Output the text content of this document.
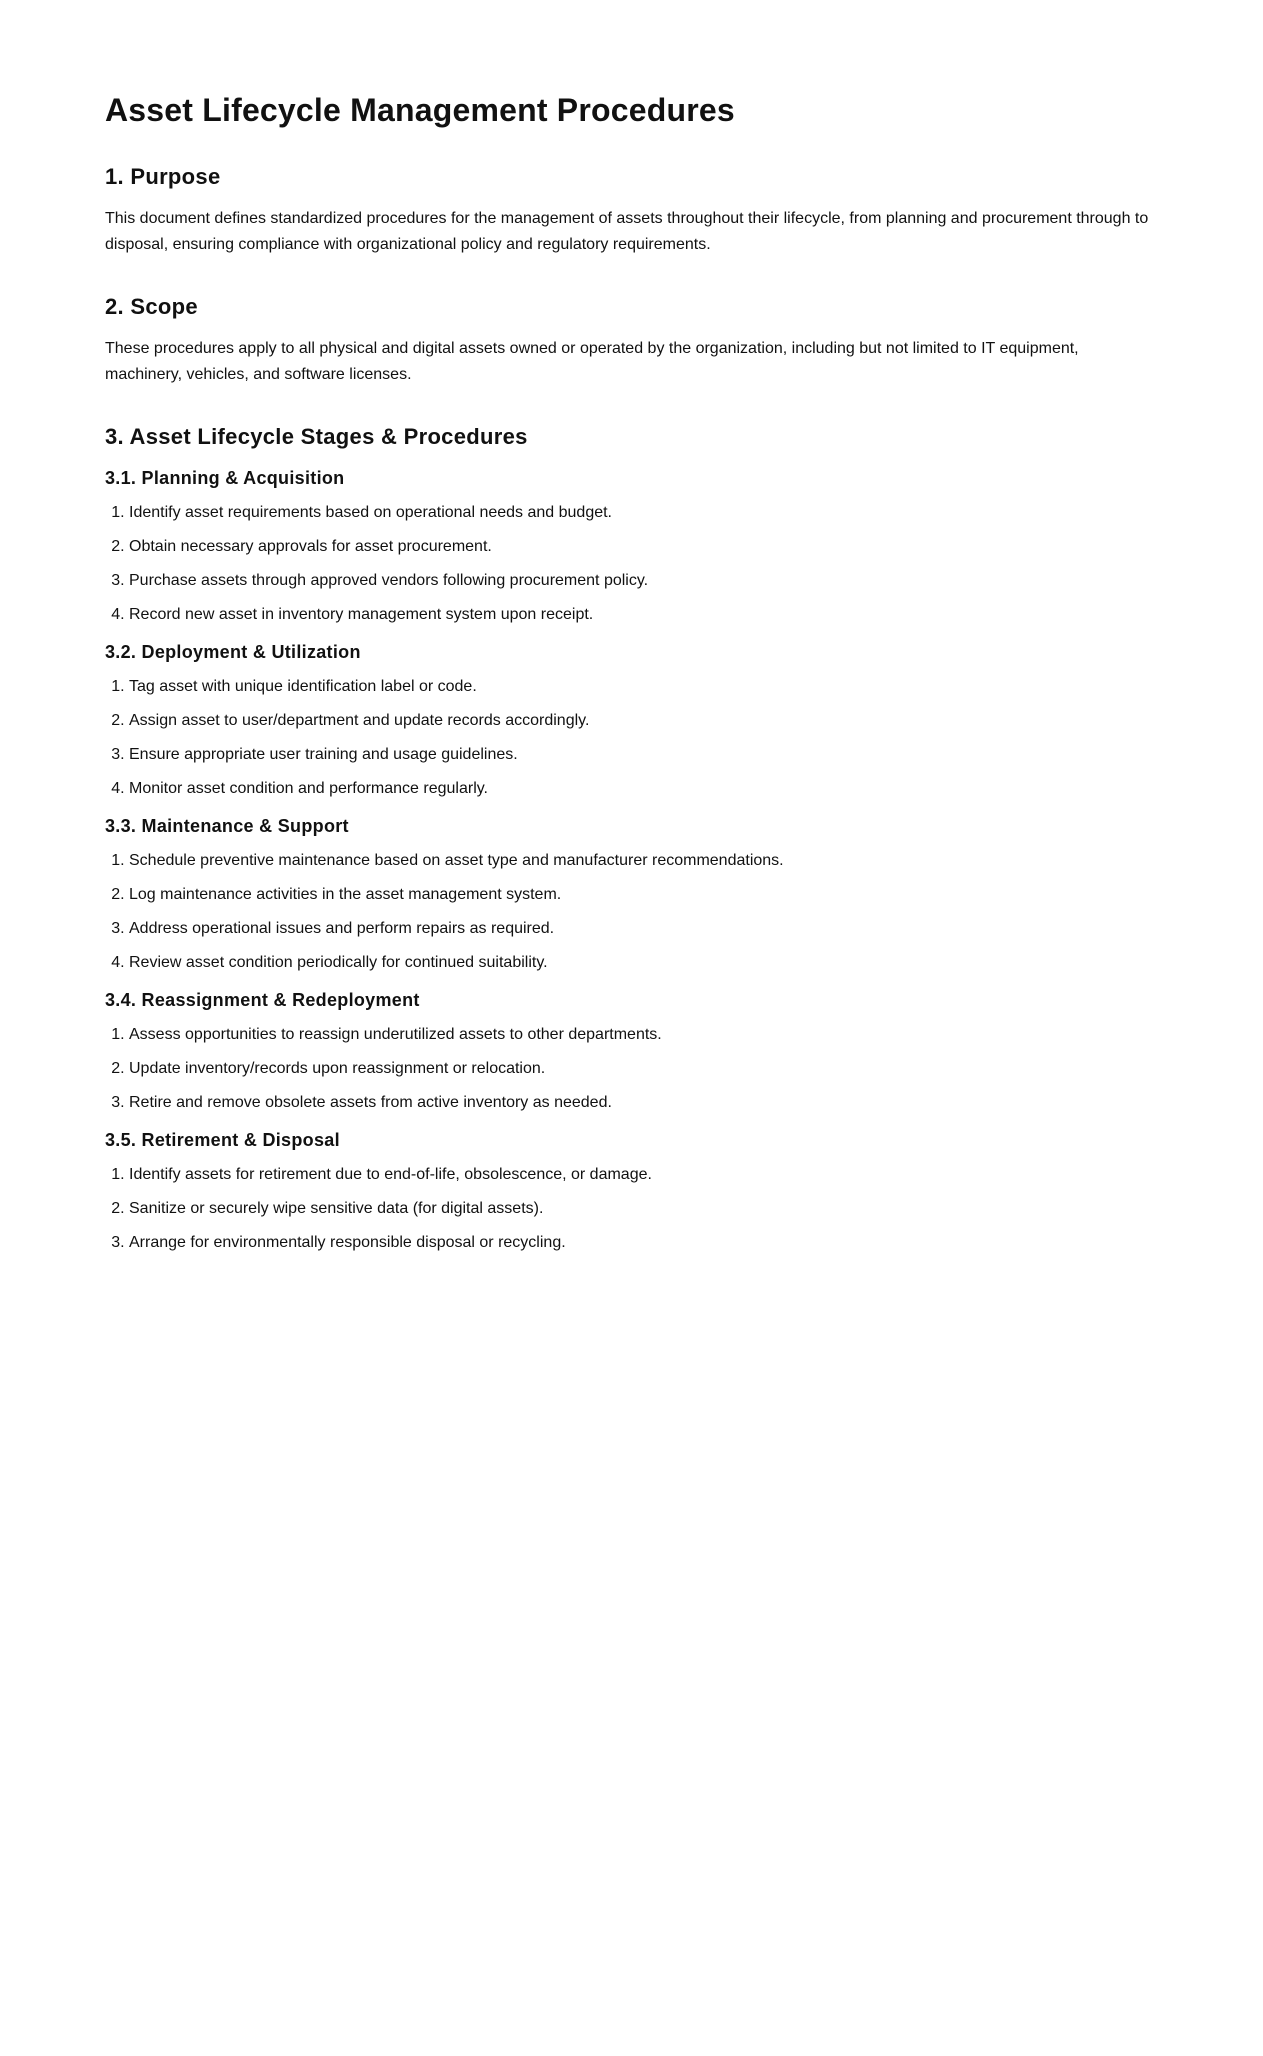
Asset Lifecycle Management Procedures
1. Purpose

This document defines standardized procedures for the management of assets throughout their lifecycle, from planning and procurement through to disposal, ensuring compliance with organizational policy and regulatory requirements.

2. Scope

These procedures apply to all physical and digital assets owned or operated by the organization, including but not limited to IT equipment, machinery, vehicles, and software licenses.

3. Asset Lifecycle Stages & Procedures
3.1. Planning & Acquisition
1. Identify asset requirements based on operational needs and budget.
2. Obtain necessary approvals for asset procurement.
3. Purchase assets through approved vendors following procurement policy.
4. Record new asset in inventory management system upon receipt.
3.2. Deployment & Utilization
1. Tag asset with unique identification label or code.
2. Assign asset to user/department and update records accordingly.
3. Ensure appropriate user training and usage guidelines.
4. Monitor asset condition and performance regularly.
3.3. Maintenance & Support
1. Schedule preventive maintenance based on asset type and manufacturer recommendations.
2. Log maintenance activities in the asset management system.
3. Address operational issues and perform repairs as required.
4. Review asset condition periodically for continued suitability.
3.4. Reassignment & Redeployment
1. Assess opportunities to reassign underutilized assets to other departments.
2. Update inventory/records upon reassignment or relocation.
3. Retire and remove obsolete assets from active inventory as needed.
3.5. Retirement & Disposal
1. Identify assets for retirement due to end-of-life, obsolescence, or damage.
2. Sanitize or securely wipe sensitive data (for digital assets).
3. Arrange for environmentally responsible disposal or recycling.
